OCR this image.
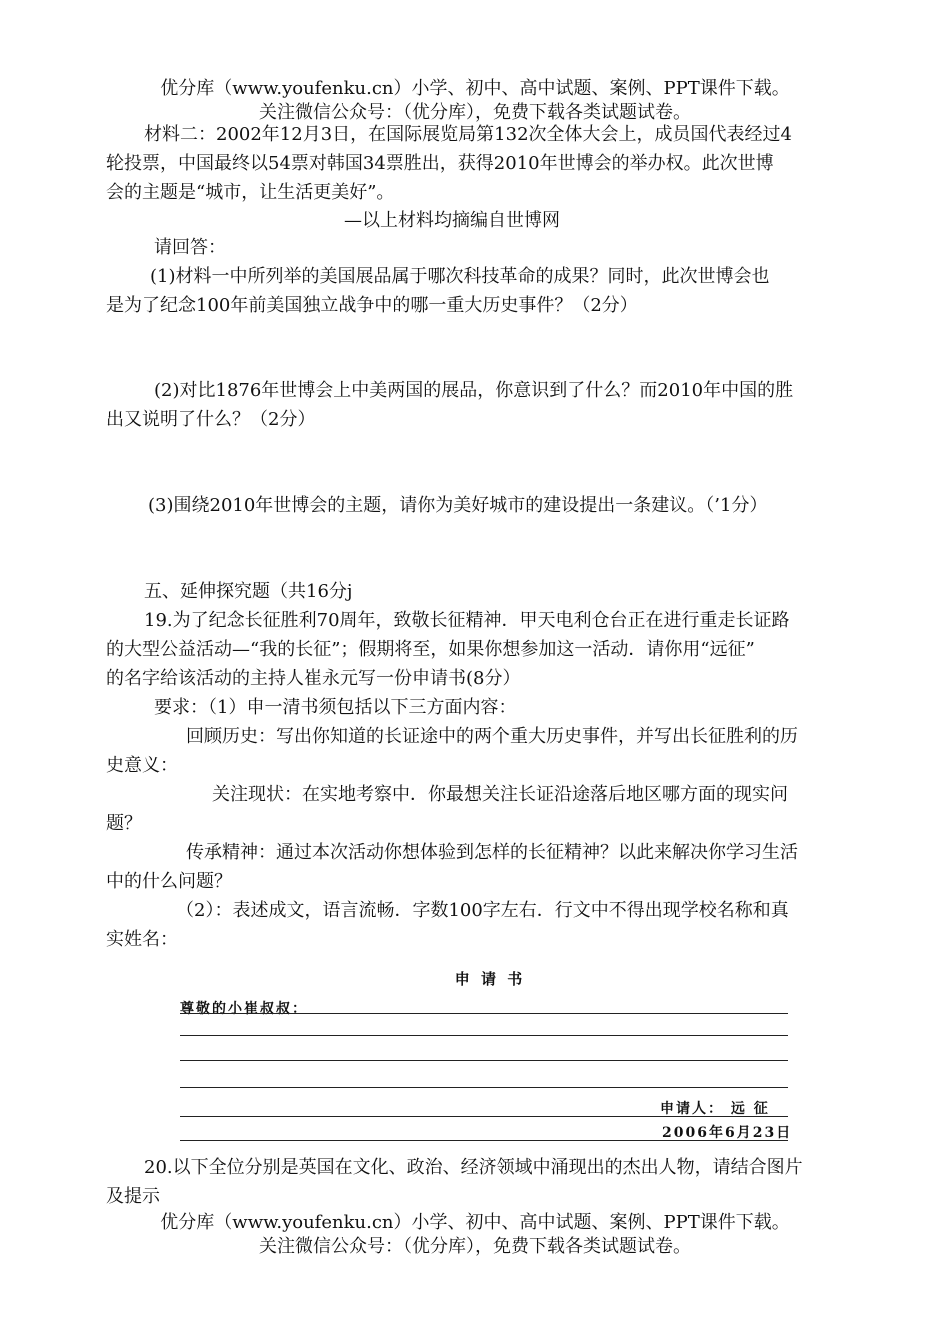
优分库（www.youfenku.cn）小学、初中、高中试题、案例、PPT课件下载。
关注微信公众号：（优分库），免费下载各类试题试卷。
材料二：2002年12月3日，在国际展览局第132次全体大会上，成员国代表经过4
轮投票，中国最终以54票对韩国34票胜出，获得2010年世博会的举办权。此次世博
会的主题是“城市，让生活更美好”。
—以上材料均摘编自世博网
请回答：
(1)材料一中所列举的美国展品属于哪次科技革命的成果？同时，此次世博会也
是为了纪念100年前美国独立战争中的哪一重大历史事件？（2分）
(2)对比1876年世博会上中美两国的展品，你意识到了什么？而2010年中国的胜
出又说明了什么？（2分）
(3)围绕2010年世博会的主题，请你为美好城市的建设提出一条建议。（’1分）
五、延伸探究题（共16分j
19.为了纪念长征胜利70周年，致敬长征精神．甲天电利仓台正在进行重走长证路
的大型公益活动—“我的长征”；假期将至，如果你想参加这一活动．请你用“远征”
的名字给该活动的主持人崔永元写一份申请书(8分）
要求：（1）申一清书须包括以下三方面内容：
回顾历史：写出你知道的长证途中的两个重大历史事件，并写出长征胜利的历
史意义：
关注现状：在实地考察中．你最想关注长证沿途落后地区哪方面的现实问
题？
传承精神：通过本次活动你想体验到怎样的长征精神？以此来解决你学习生活
中的什么问题？
（2）：表述成文，语言流畅．字数100字左右．行文中不得出现学校名称和真
实姓名：
申 请 书
尊敬的小崔叔叔：
申请人： 远 征
2006年6月23日
20.以下全位分别是英国在文化、政治、经济领域中涌现出的杰出人物，请结合图片
及提示
优分库（www.youfenku.cn）小学、初中、高中试题、案例、PPT课件下载。
关注微信公众号：（优分库），免费下载各类试题试卷。
